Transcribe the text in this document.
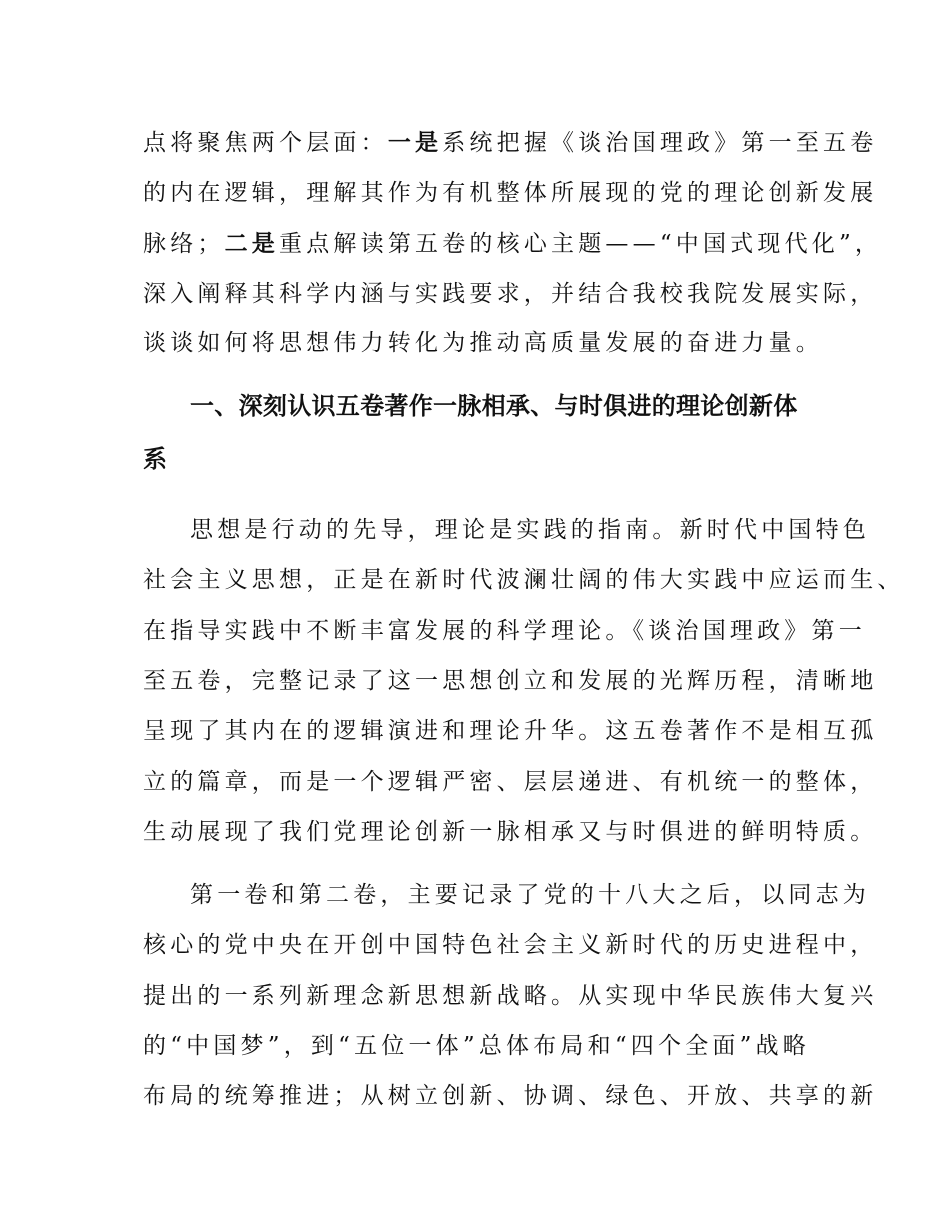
点将聚焦两个层面：一是系统把握《谈治国理政》第一至五卷
的内在逻辑，理解其作为有机整体所展现的党的理论创新发展
脉络；二是重点解读第五卷的核心主题——“中国式现代化”，
深入阐释其科学内涵与实践要求，并结合我校我院发展实际，
谈谈如何将思想伟力转化为推动高质量发展的奋进力量。
一、深刻认识五卷著作一脉相承、与时俱进的理论创新体
系
思想是行动的先导，理论是实践的指南。新时代中国特色
社会主义思想，正是在新时代波澜壮阔的伟大实践中应运而生、
在指导实践中不断丰富发展的科学理论。《谈治国理政》第一
至五卷，完整记录了这一思想创立和发展的光辉历程，清晰地
呈现了其内在的逻辑演进和理论升华。这五卷著作不是相互孤
立的篇章，而是一个逻辑严密、层层递进、有机统一的整体，
生动展现了我们党理论创新一脉相承又与时俱进的鲜明特质。
第一卷和第二卷，主要记录了党的十八大之后，以同志为
核心的党中央在开创中国特色社会主义新时代的历史进程中，
提出的一系列新理念新思想新战略。从实现中华民族伟大复兴
的“中国梦”，到“五位一体”总体布局和“四个全面”战略
布局的统筹推进；从树立创新、协调、绿色、开放、共享的新
